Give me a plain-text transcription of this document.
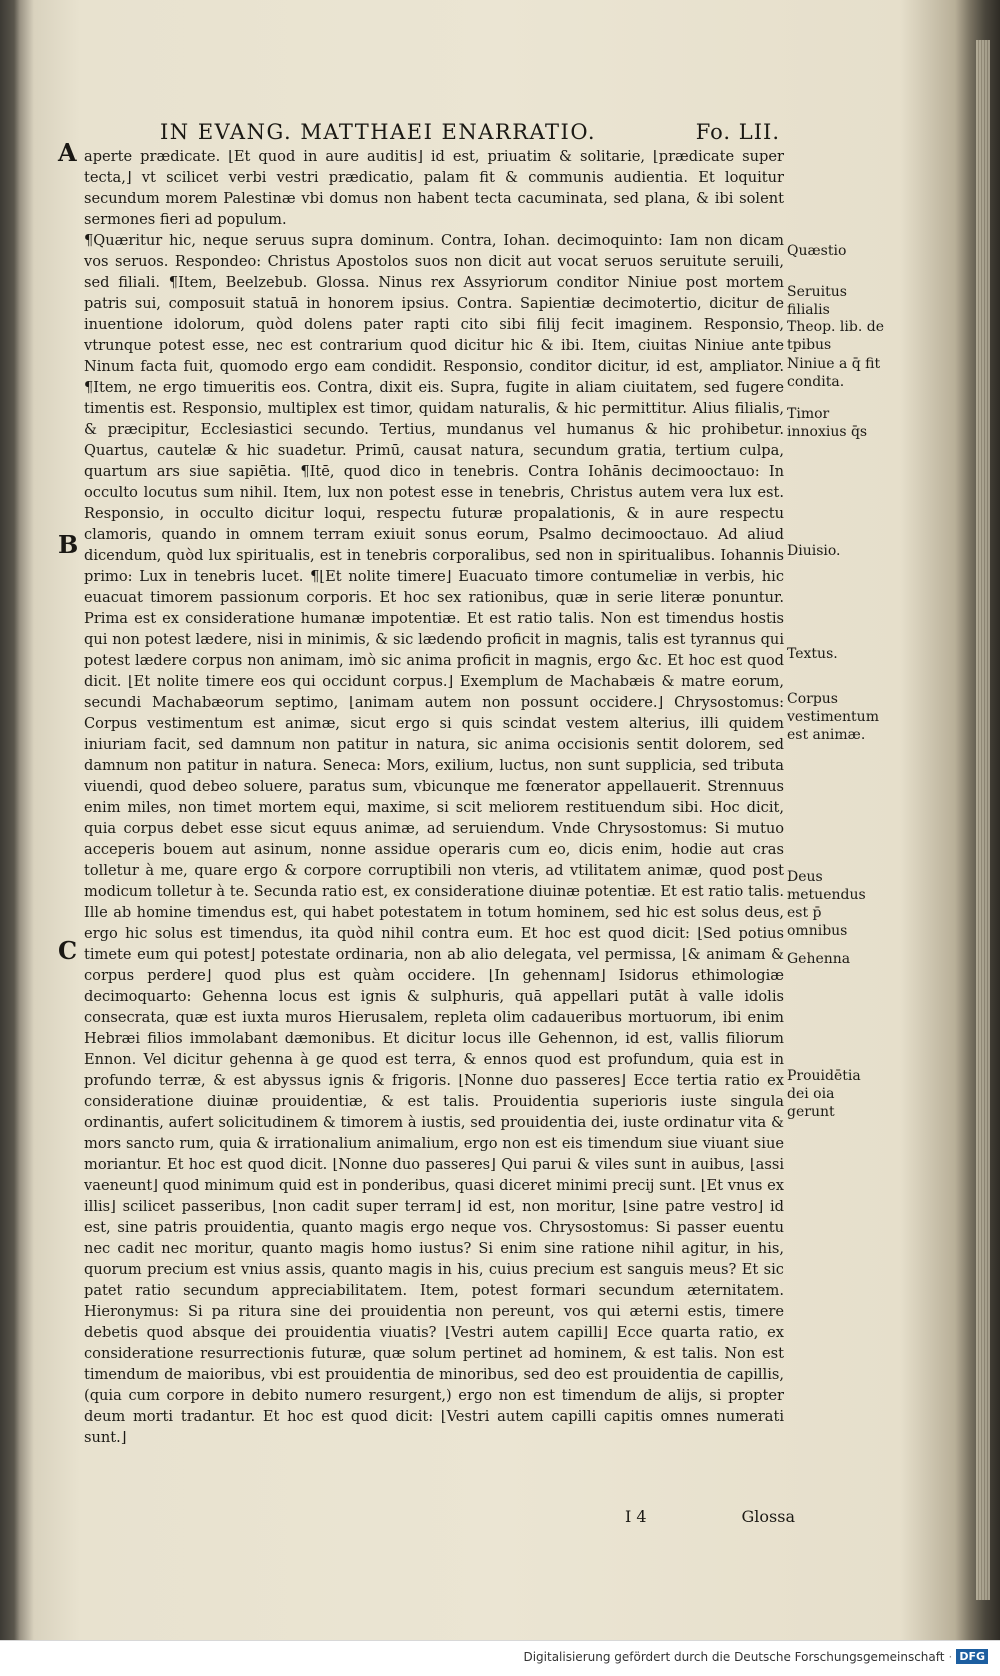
IN EVANG. MATTHAEI ENARRATIO.	Fo. LII.
A
B
C

aperte prædicate. ⌊Et quod in aure auditis⌋ id est, priuatim & solitarie, ⌊prædicate super tecta,⌋ vt scilicet verbi vestri prædicatio, palam fit & communis audientia. Et loquitur secundum morem Palestinæ vbi domus non habent tecta cacuminata, sed plana, & ibi solent sermones fieri ad populum.

¶Quæritur hic, neque seruus supra dominum. Contra, Iohan. decimoquinto: Iam non dicam vos seruos. Respondeo: Christus Apostolos suos non dicit aut vocat seruos seruitute seruili, sed filiali. ¶Item, Beelzebub. Glossa. Ninus rex Assyriorum conditor Niniue post mortem patris sui, composuit statuā in honorem ipsius. Contra. Sapientiæ decimotertio, dicitur de inuentione idolorum, quòd dolens pater rapti cito sibi filij fecit imaginem. Responsio, vtrunque potest esse, nec est contrarium quod dicitur hic & ibi. Item, ciuitas Niniue ante Ninum facta fuit, quomodo ergo eam condidit. Responsio, conditor dicitur, id est, ampliator. ¶Item, ne ergo timueritis eos. Contra, dixit eis. Supra, fugite in aliam ciuitatem, sed fugere timentis est. Responsio, multiplex est timor, quidam naturalis, & hic permittitur. Alius filialis, & præcipitur, Ecclesiastici secundo. Tertius, mundanus vel humanus & hic prohibetur. Quartus, cautelæ & hic suadetur. Primū, causat natura, secundum gratia, tertium culpa, quartum ars siue sapiētia. ¶Itē, quod dico in tenebris. Contra Iohānis decimooctauo: In occulto locutus sum nihil. Item, lux non potest esse in tenebris, Christus autem vera lux est. Responsio, in occulto dicitur loqui, respectu futuræ propalationis, & in aure respectu clamoris, quando in omnem terram exiuit sonus eorum, Psalmo decimooctauo. Ad aliud dicendum, quòd lux spiritualis, est in tenebris corporalibus, sed non in spiritualibus. Iohannis primo: Lux in tenebris lucet. ¶⌊Et nolite timere⌋ Euacuato timore contumeliæ in verbis, hic euacuat timorem passionum corporis. Et hoc sex rationibus, quæ in serie literæ ponuntur. Prima est ex consideratione humanæ impotentiæ. Et est ratio talis. Non est timendus hostis qui non potest lædere, nisi in minimis, & sic lædendo proficit in magnis, talis est tyrannus qui potest lædere corpus non animam, imò sic anima proficit in magnis, ergo &c. Et hoc est quod dicit. ⌊Et nolite timere eos qui occidunt corpus.⌋ Exemplum de Machabæis & matre eorum, secundi Machabæorum septimo, ⌊animam autem non possunt occidere.⌋ Chrysostomus: Corpus vestimentum est animæ, sicut ergo si quis scindat vestem alterius, illi quidem iniuriam facit, sed damnum non patitur in natura, sic anima occisionis sentit dolorem, sed damnum non patitur in natura. Seneca: Mors, exilium, luctus, non sunt supplicia, sed tributa viuendi, quod debeo soluere, paratus sum, vbicunque me fœnerator appellauerit. Strennuus enim miles, non timet mortem equi, maxime, si scit meliorem restituendum sibi. Hoc dicit, quia corpus debet esse sicut equus animæ, ad seruiendum. Vnde Chrysostomus: Si mutuo acceperis bouem aut asinum, nonne assidue operaris cum eo, dicis enim, hodie aut cras tolletur à me, quare ergo & corpore corruptibili non vteris, ad vtilitatem animæ, quod post modicum tolletur à te. Secunda ratio est, ex consideratione diuinæ potentiæ. Et est ratio talis. Ille ab homine timendus est, qui habet potestatem in totum hominem, sed hic est solus deus, ergo hic solus est timendus, ita quòd nihil contra eum. Et hoc est quod dicit: ⌊Sed potius timete eum qui potest⌋ potestate ordinaria, non ab alio delegata, vel permissa, ⌊& animam & corpus perdere⌋ quod plus est quàm occidere. ⌊In gehennam⌋ Isidorus ethimologiæ decimoquarto: Gehenna locus est ignis & sulphuris, quā appellari putāt à valle idolis consecrata, quæ est iuxta muros Hierusalem, repleta olim cadaueribus mortuorum, ibi enim Hebræi filios immolabant dæmonibus. Et dicitur locus ille Gehennon, id est, vallis filiorum Ennon. Vel dicitur gehenna à ge quod est terra, & ennos quod est profundum, quia est in profundo terræ, & est abyssus ignis & frigoris. ⌊Nonne duo passeres⌋ Ecce tertia ratio ex consideratione diuinæ prouidentiæ, & est talis. Prouidentia superioris iuste singula ordinantis, aufert solicitudinem & timorem à iustis, sed prouidentia dei, iuste ordinatur vita & mors sancto rum, quia & irrationalium animalium, ergo non est eis timendum siue viuant siue moriantur. Et hoc est quod dicit. ⌊Nonne duo passeres⌋ Qui parui & viles sunt in auibus, ⌊assi vaeneunt⌋ quod minimum quid est in ponderibus, quasi diceret minimi precij sunt. ⌊Et vnus ex illis⌋ scilicet passeribus, ⌊non cadit super terram⌋ id est, non moritur, ⌊sine patre vestro⌋ id est, sine patris prouidentia, quanto magis ergo neque vos. Chrysostomus: Si passer euentu nec cadit nec moritur, quanto magis homo iustus? Si enim sine ratione nihil agitur, in his, quorum precium est vnius assis, quanto magis in his, cuius precium est sanguis meus? Et sic patet ratio secundum appreciabilitatem. Item, potest formari secundum æternitatem. Hieronymus: Si pa ritura sine dei prouidentia non pereunt, vos qui æterni estis, timere debetis quod absque dei prouidentia viuatis? ⌊Vestri autem capilli⌋ Ecce quarta ratio, ex consideratione resurrectionis futuræ, quæ solum pertinet ad hominem, & est talis. Non est timendum de maioribus, vbi est prouidentia de minoribus, sed deo est prouidentia de capillis, (quia cum corpore in debito numero resurgent,) ergo non est timendum de alijs, si propter deum morti tradantur. Et hoc est quod dicit: ⌊Vestri autem capilli capitis omnes numerati sunt.⌋

Quæstio
Seruitus filialis
Theop. lib. de tpibus
Niniue a q̄ fit condita.
Timor innoxius q̄s
Diuisio.
Textus.
Corpus vestimentum est animæ.
Deus metuendus est p̄ omnibus
Gehenna
Prouidētia dei oia gerunt
I 4	Glossa
Digitalisierung gefördert durch die Deutsche Forschungsgemeinschaft · DFG
